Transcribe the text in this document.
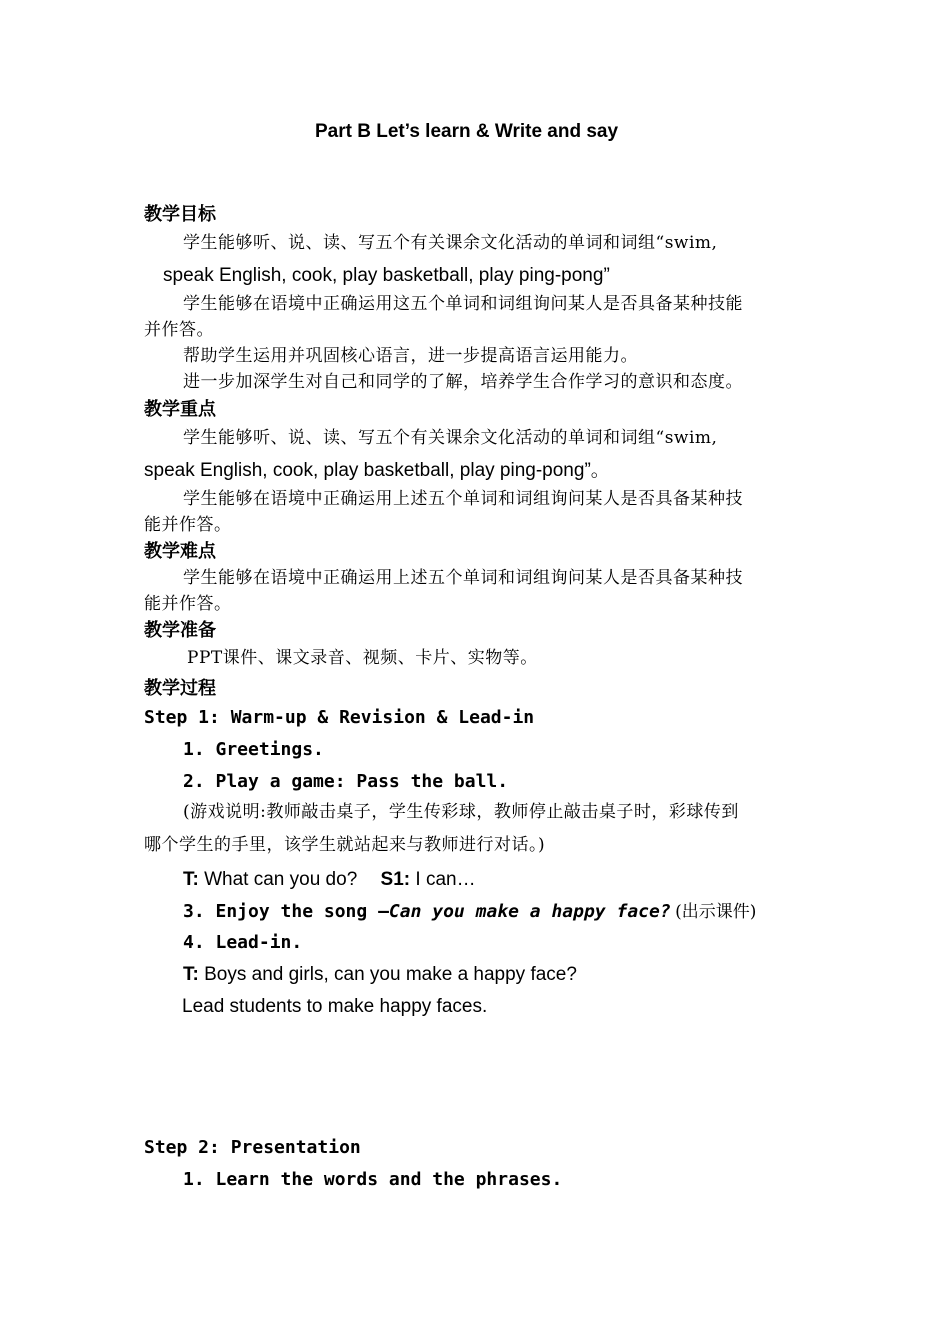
Part B Let’s learn & Write and say
教学目标
学生能够听、说、读、写五个有关课余文化活动的单词和词组“swim,
speak English, cook, play basketball, play ping-pong”
学生能够在语境中正确运用这五个单词和词组询问某人是否具备某种技能
并作答。
帮助学生运用并巩固核心语言，进一步提高语言运用能力。
进一步加深学生对自己和同学的了解，培养学生合作学习的意识和态度。
教学重点
学生能够听、说、读、写五个有关课余文化活动的单词和词组“swim,
speak English, cook, play basketball, play ping-pong”。
学生能够在语境中正确运用上述五个单词和词组询问某人是否具备某种技
能并作答。
教学难点
学生能够在语境中正确运用上述五个单词和词组询问某人是否具备某种技
能并作答。
教学准备
PPT课件、课文录音、视频、卡片、实物等。
教学过程
Step 1: Warm-up & Revision & Lead-in
1. Greetings.
2. Play a game: Pass the ball.
(游戏说明:教师敲击桌子，学生传彩球，教师停止敲击桌子时，彩球传到
哪个学生的手里，该学生就站起来与教师进行对话。)
T: What can you do? S1: I can…
3. Enjoy the song —Can you make a happy face? (出示课件)
4. Lead-in.
T: Boys and girls, can you make a happy face?
Lead students to make happy faces.
Step 2: Presentation
1. Learn the words and the phrases.
